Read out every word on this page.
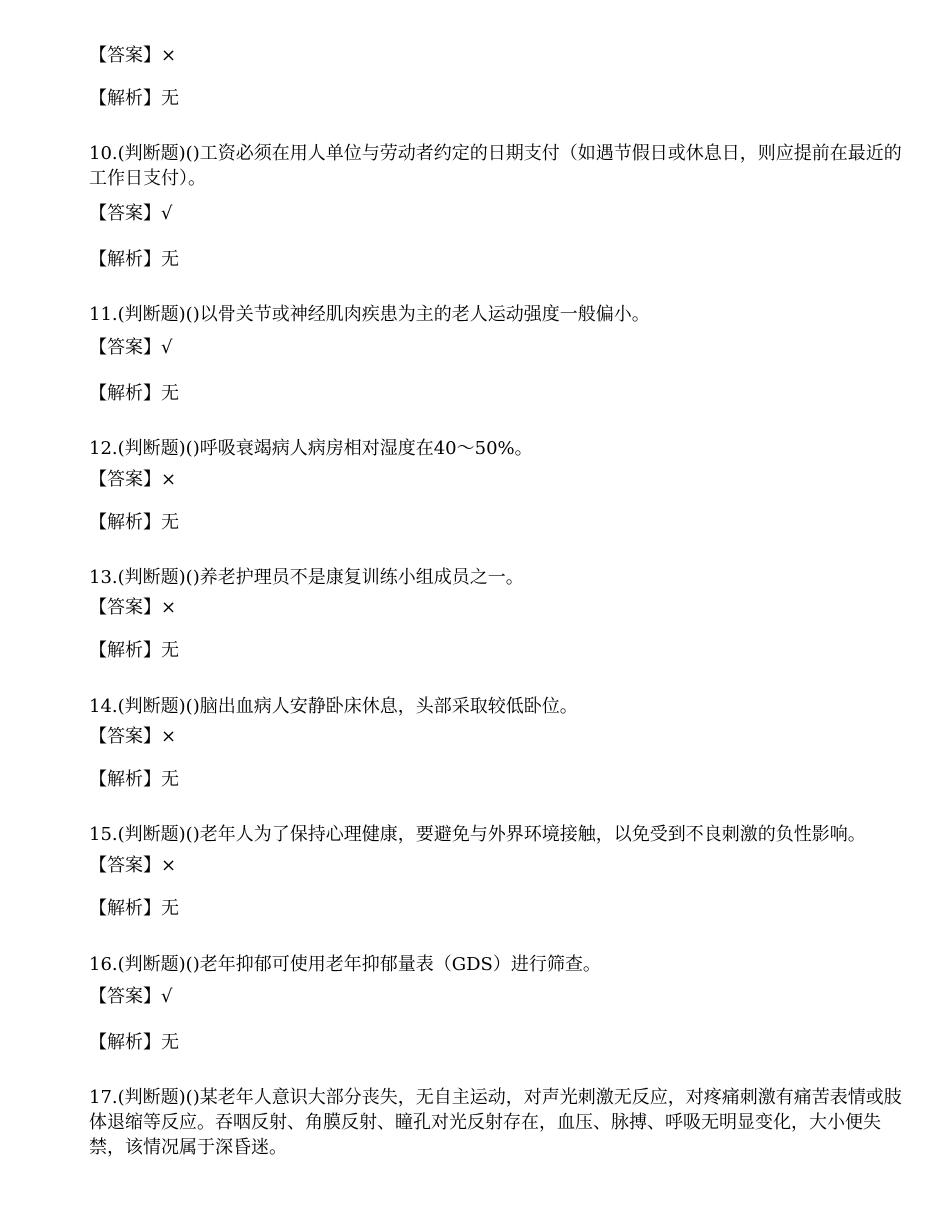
【答案】×
【解析】无
10.(判断题)()工资必须在用人单位与劳动者约定的日期支付（如遇节假日或休息日，则应提前在最近的工作日支付）。
【答案】√
【解析】无
11.(判断题)()以骨关节或神经肌肉疾患为主的老人运动强度一般偏小。
【答案】√
【解析】无
12.(判断题)()呼吸衰竭病人病房相对湿度在40～50%。
【答案】×
【解析】无
13.(判断题)()养老护理员不是康复训练小组成员之一。
【答案】×
【解析】无
14.(判断题)()脑出血病人安静卧床休息，头部采取较低卧位。
【答案】×
【解析】无
15.(判断题)()老年人为了保持心理健康，要避免与外界环境接触，以免受到不良刺激的负性影响。
【答案】×
【解析】无
16.(判断题)()老年抑郁可使用老年抑郁量表（GDS）进行筛查。
【答案】√
【解析】无
17.(判断题)()某老年人意识大部分丧失，无自主运动，对声光刺激无反应，对疼痛刺激有痛苦表情或肢体退缩等反应。吞咽反射、角膜反射、瞳孔对光反射存在，血压、脉搏、呼吸无明显变化，大小便失禁，该情况属于深昏迷。
